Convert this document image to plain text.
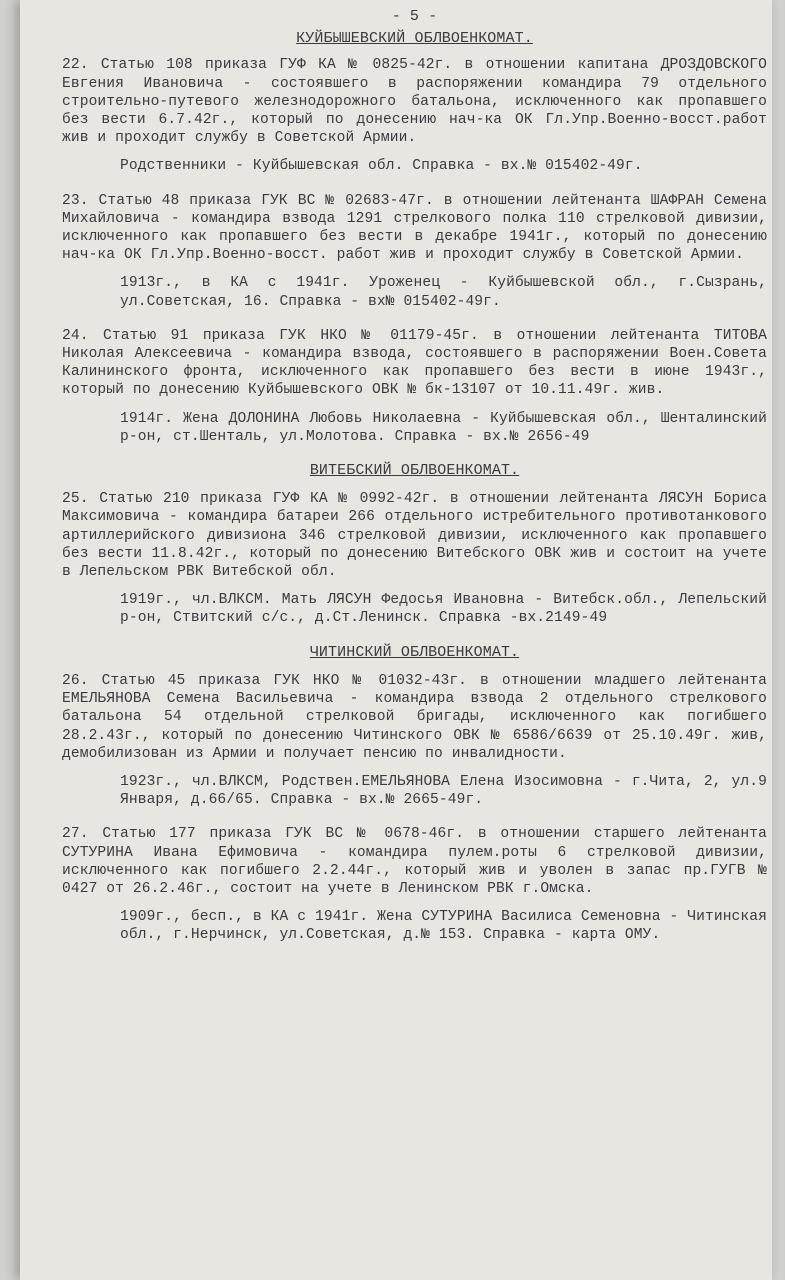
- 5 -
КУЙБЫШЕВСКИЙ ОБЛВОЕНКОМАТ.

22. Статью 108 приказа ГУФ КА № 0825-42г. в отношении капитана ДРОЗДОВСКОГО Евгения Ивановича - состоявшего в распоряжении командира 79 отдельного строительно-путевого железнодорожного батальона, исключенного как пропавшего без вести 6.7.42г., который по донесению нач-ка ОК Гл.Упр.Военно-восст.работ жив и проходит службу в Советской Армии.

Родственники - Куйбышевская обл. Справка - вх.№ 015402-49г.

23. Статью 48 приказа ГУК ВС № 02683-47г. в отношении лейтенанта ШАФРАН Семена Михайловича - командира взвода 1291 стрелкового полка 110 стрелковой дивизии, исключенного как пропавшего без вести в декабре 1941г., который по донесению нач-ка ОК Гл.Упр.Военно-восст. работ жив и проходит службу в Советской Армии.

1913г., в КА с 1941г. Уроженец - Куйбышевской обл., г.Сызрань, ул.Советская, 16. Справка - вх№ 015402-49г.

24. Статью 91 приказа ГУК НКО № 01179-45г. в отношении лейтенанта ТИТОВА Николая Алексеевича - командира взвода, состоявшего в распоряжении Воен.Совета Калининского фронта, исключенного как пропавшего без вести в июне 1943г., который по донесению Куйбышевского ОВК № бк-13107 от 10.11.49г. жив.

1914г. Жена ДОЛОНИНА Любовь Николаевна - Куйбышевская обл., Шенталинский р-он, ст.Шенталь, ул.Молотова. Справка - вх.№ 2656-49

ВИТЕБСКИЙ ОБЛВОЕНКОМАТ.

25. Статью 210 приказа ГУФ КА № 0992-42г. в отношении лейтенанта ЛЯСУН Бориса Максимовича - командира батареи 266 отдельного истребительного противотанкового артиллерийского дивизиона 346 стрелковой дивизии, исключенного как пропавшего без вести 11.8.42г., который по донесению Витебского ОВК жив и состоит на учете в Лепельском РВК Витебской обл.

1919г., чл.ВЛКСМ. Мать ЛЯСУН Федосья Ивановна - Витебск.обл., Лепельский р-он, Ствитский с/с., д.Ст.Ленинск. Справка -вх.2149-49

ЧИТИНСКИЙ ОБЛВОЕНКОМАТ.

26. Статью 45 приказа ГУК НКО № 01032-43г. в отношении младшего лейтенанта ЕМЕЛЬЯНОВА Семена Васильевича - командира взвода 2 отдельного стрелкового батальона 54 отдельной стрелковой бригады, исключенного как погибшего 28.2.43г., который по донесению Читинского ОВК № 6586/6639 от 25.10.49г. жив, демобилизован из Армии и получает пенсию по инвалидности.

1923г., чл.ВЛКСМ, Родствен.ЕМЕЛЬЯНОВА Елена Изосимовна - г.Чита, 2, ул.9 Января, д.66/65. Справка - вх.№ 2665-49г.

27. Статью 177 приказа ГУК ВС № 0678-46г. в отношении старшего лейтенанта СУТУРИНА Ивана Ефимовича - командира пулем.роты 6 стрелковой дивизии, исключенного как погибшего 2.2.44г., который жив и уволен в запас пр.ГУГВ № 0427 от 26.2.46г., состоит на учете в Ленинском РВК г.Омска.

1909г., бесп., в КА с 1941г. Жена СУТУРИНА Василиса Семеновна - Читинская обл., г.Нерчинск, ул.Советская, д.№ 153. Справка - карта ОМУ.
